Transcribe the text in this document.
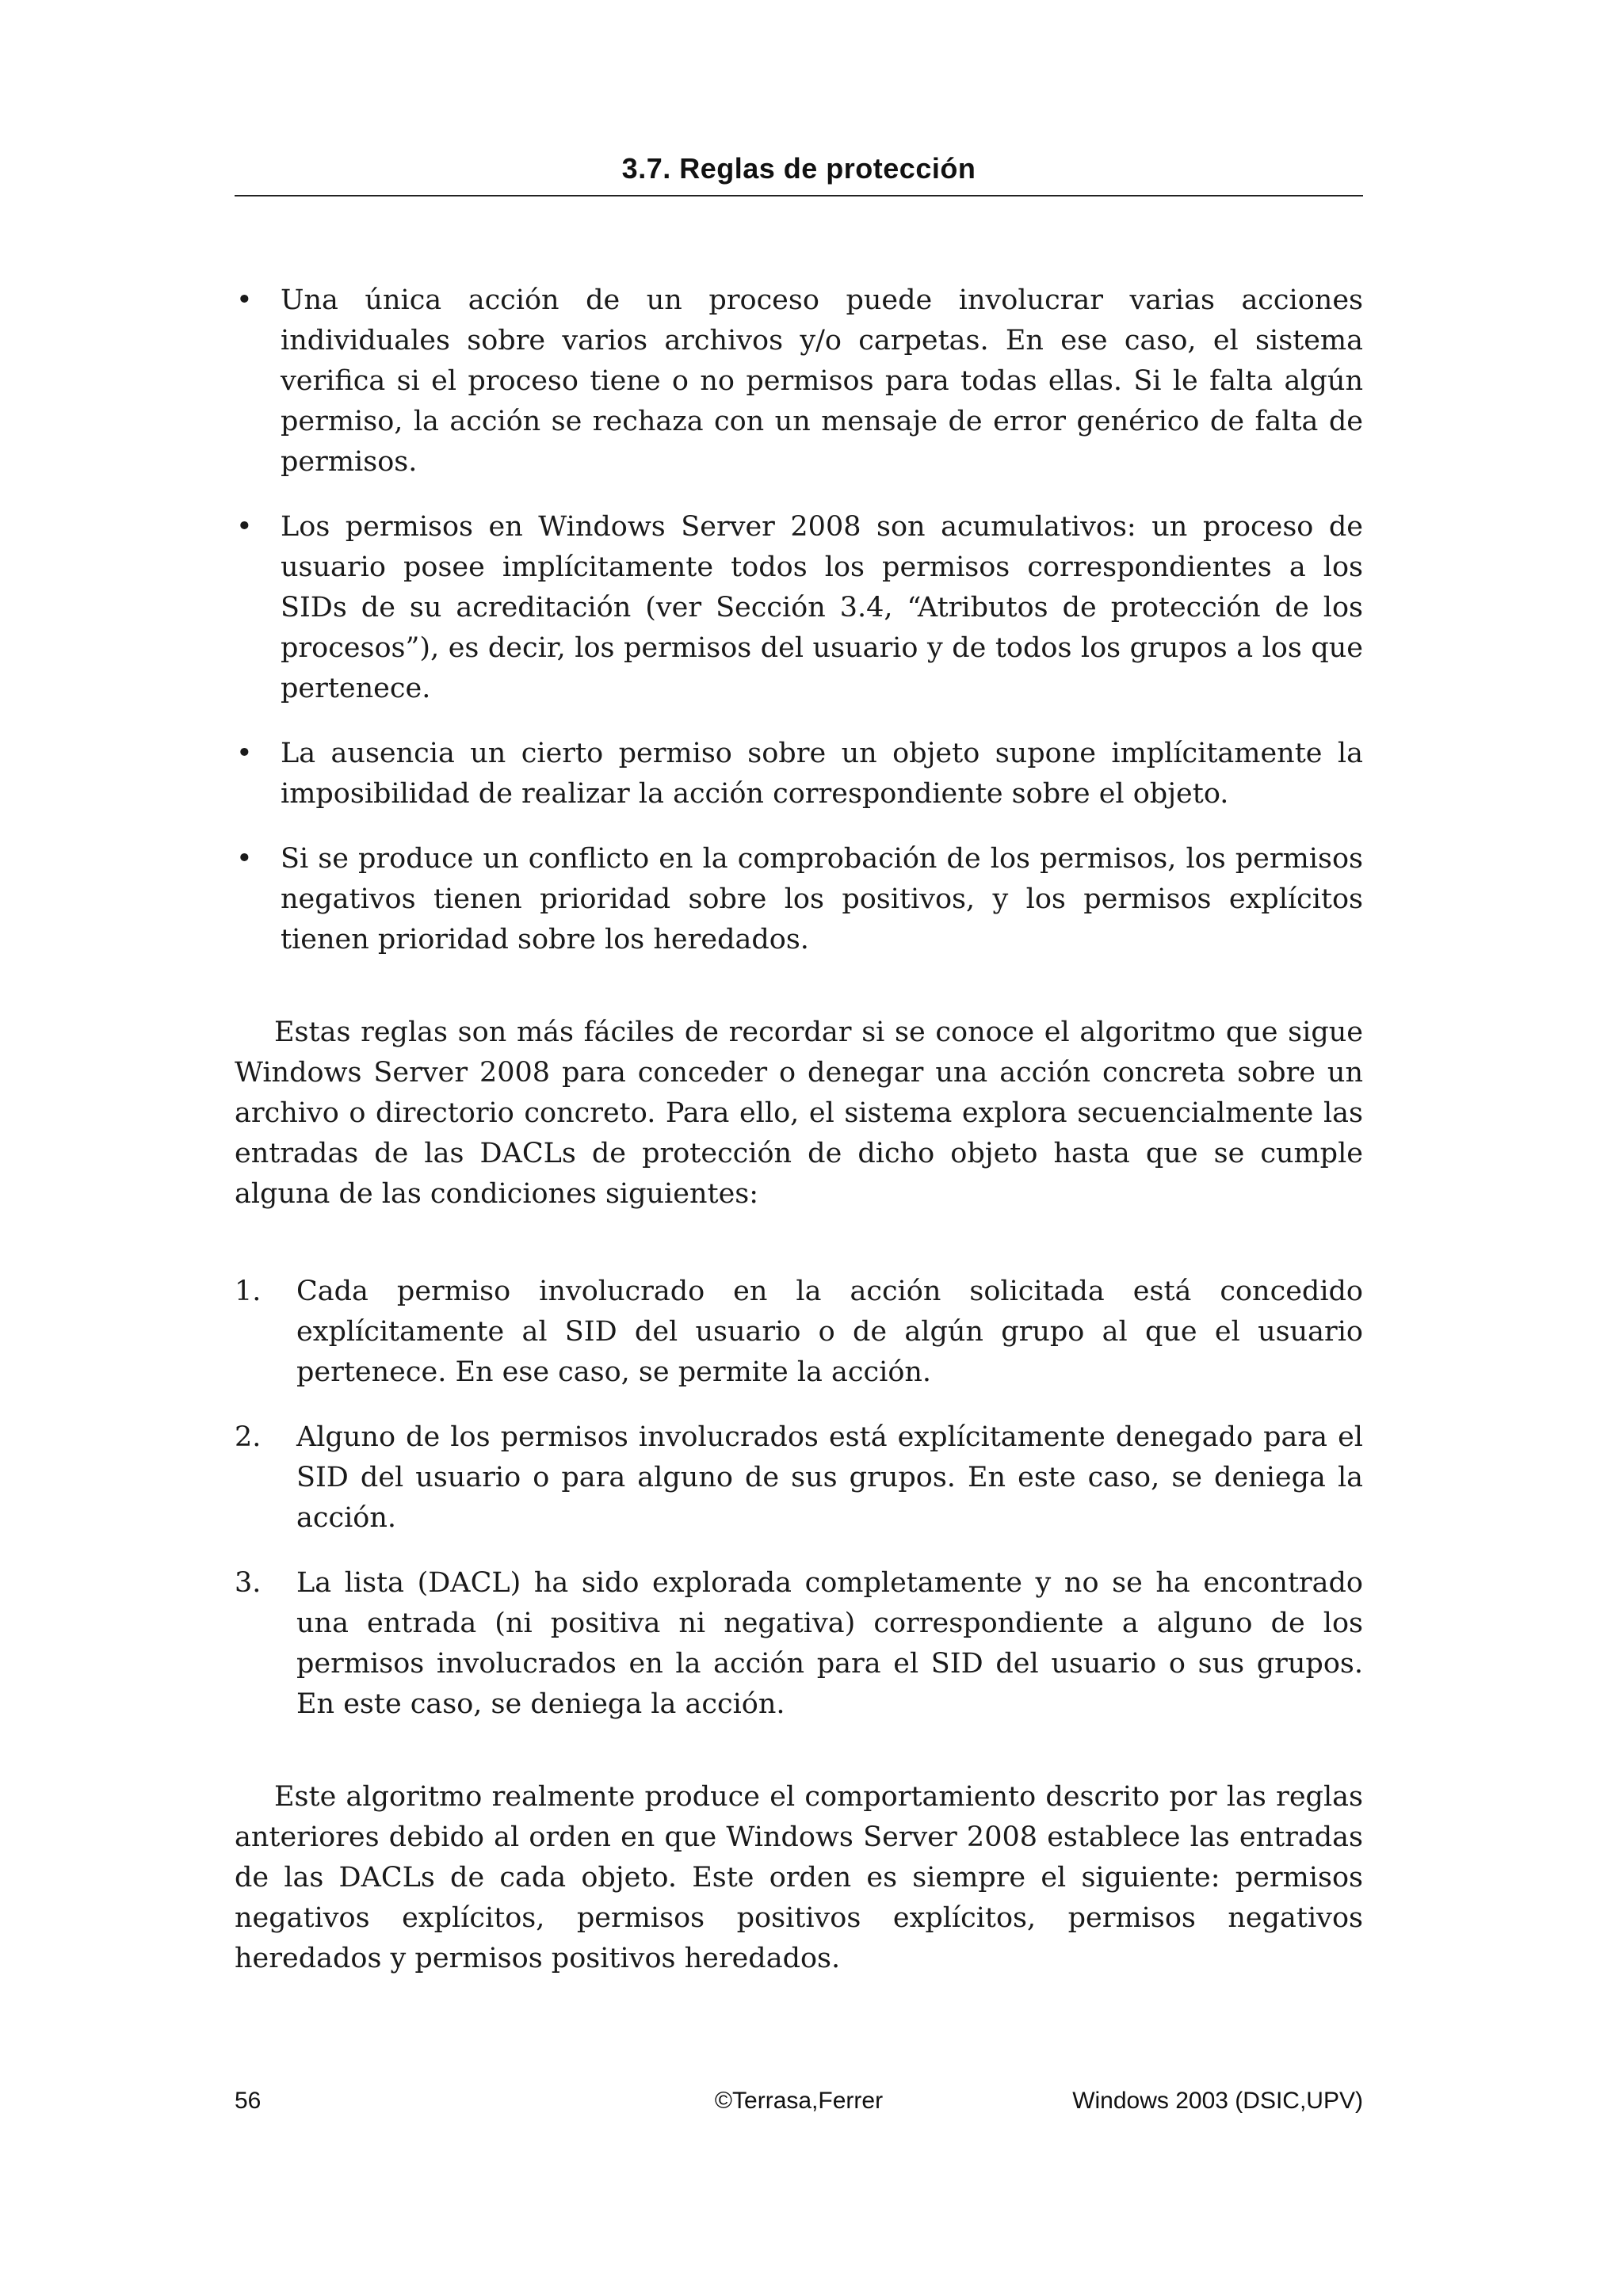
3.7. Reglas de protección
• Una única acción de un proceso puede involucrar varias acciones individuales sobre varios archivos y/o carpetas. En ese caso, el sistema verifica si el proceso tiene o no permisos para todas ellas. Si le falta algún permiso, la acción se rechaza con un mensaje de error genérico de falta de permisos.
• Los permisos en Windows Server 2008 son acumulativos: un proceso de usuario posee implícitamente todos los permisos correspondientes a los SIDs de su acreditación (ver Sección 3.4, “Atributos de protección de los procesos”), es decir, los permisos del usuario y de todos los grupos a los que pertenece.
• La ausencia un cierto permiso sobre un objeto supone implícitamente la imposibilidad de realizar la acción correspondiente sobre el objeto.
• Si se produce un conflicto en la comprobación de los permisos, los permisos negativos tienen prioridad sobre los positivos, y los permisos explícitos tienen prioridad sobre los heredados.

Estas reglas son más fáciles de recordar si se conoce el algoritmo que sigue Windows Server 2008 para conceder o denegar una acción concreta sobre un archivo o directorio concreto. Para ello, el sistema explora secuencialmente las entradas de las DACLs de protección de dicho objeto hasta que se cumple alguna de las condiciones siguientes:

1. Cada permiso involucrado en la acción solicitada está concedido explícitamente al SID del usuario o de algún grupo al que el usuario pertenece. En ese caso, se permite la acción.
2. Alguno de los permisos involucrados está explícitamente denegado para el SID del usuario o para alguno de sus grupos. En este caso, se deniega la acción.
3. La lista (DACL) ha sido explorada completamente y no se ha encontrado una entrada (ni positiva ni negativa) correspondiente a alguno de los permisos involucrados en la acción para el SID del usuario o sus grupos. En este caso, se deniega la acción.

Este algoritmo realmente produce el comportamiento descrito por las reglas anteriores debido al orden en que Windows Server 2008 establece las entradas de las DACLs de cada objeto. Este orden es siempre el siguiente: permisos negativos explícitos, permisos positivos explícitos, permisos negativos heredados y permisos positivos heredados.

56	©Terrasa,Ferrer	Windows 2003 (DSIC,UPV)
